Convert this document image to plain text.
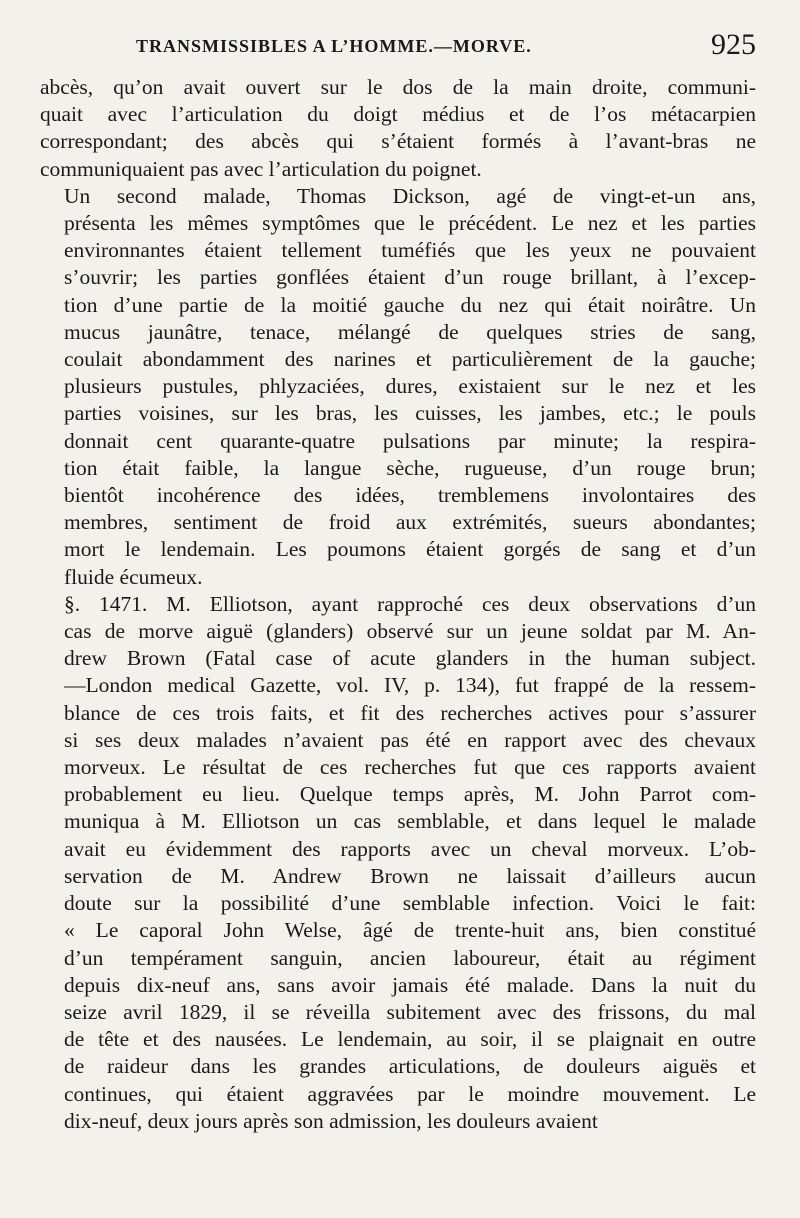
TRANSMISSIBLES A L’HOMME.—MORVE.	925

abcès, qu’on avait ouvert sur le dos de la main droite, communi-
quait avec l’articulation du doigt médius et de l’os métacarpien
correspondant; des abcès qui s’étaient formés à l’avant-bras ne
communiquaient pas avec l’articulation du poignet.

Un second malade, Thomas Dickson, agé de vingt-et-un ans,
présenta les mêmes symptômes que le précédent. Le nez et les parties
environnantes étaient tellement tuméfiés que les yeux ne pouvaient
s’ouvrir; les parties gonflées étaient d’un rouge brillant, à l’excep-
tion d’une partie de la moitié gauche du nez qui était noirâtre. Un
mucus jaunâtre, tenace, mélangé de quelques stries de sang,
coulait abondamment des narines et particulièrement de la gauche;
plusieurs pustules, phlyzaciées, dures, existaient sur le nez et les
parties voisines, sur les bras, les cuisses, les jambes, etc.; le pouls
donnait cent quarante-quatre pulsations par minute; la respira-
tion était faible, la langue sèche, rugueuse, d’un rouge brun;
bientôt incohérence des idées, tremblemens involontaires des
membres, sentiment de froid aux extrémités, sueurs abondantes;
mort le lendemain. Les poumons étaient gorgés de sang et d’un
fluide écumeux.

§. 1471. M. Elliotson, ayant rapproché ces deux observations d’un
cas de morve aiguë (glanders) observé sur un jeune soldat par M. An-
drew Brown (Fatal case of acute glanders in the human subject.
—London medical Gazette, vol. IV, p. 134), fut frappé de la ressem-
blance de ces trois faits, et fit des recherches actives pour s’assurer
si ses deux malades n’avaient pas été en rapport avec des chevaux
morveux. Le résultat de ces recherches fut que ces rapports avaient
probablement eu lieu. Quelque temps après, M. John Parrot com-
muniqua à M. Elliotson un cas semblable, et dans lequel le malade
avait eu évidemment des rapports avec un cheval morveux. L’ob-
servation de M. Andrew Brown ne laissait d’ailleurs aucun
doute sur la possibilité d’une semblable infection. Voici le fait:
« Le caporal John Welse, âgé de trente-huit ans, bien constitué
d’un tempérament sanguin, ancien laboureur, était au régiment
depuis dix-neuf ans, sans avoir jamais été malade. Dans la nuit du
seize avril 1829, il se réveilla subitement avec des frissons, du mal
de tête et des nausées. Le lendemain, au soir, il se plaignait en outre
de raideur dans les grandes articulations, de douleurs aiguës et
continues, qui étaient aggravées par le moindre mouvement. Le
dix-neuf, deux jours après son admission, les douleurs avaient
